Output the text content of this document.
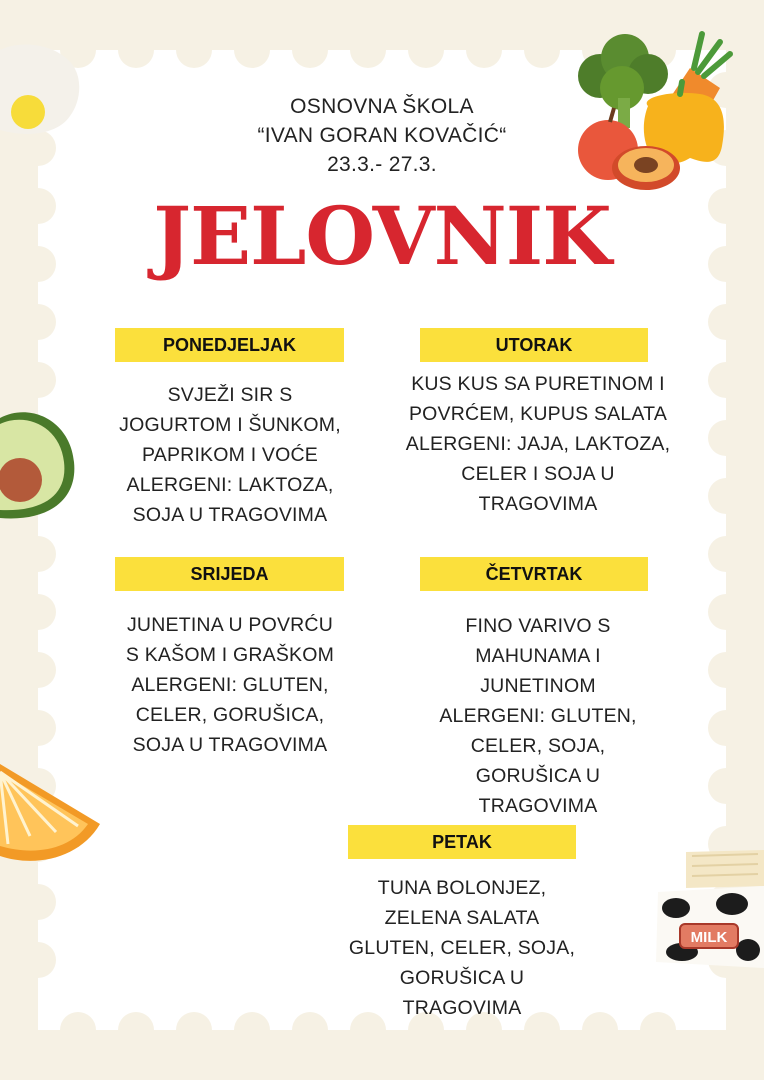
MILK
OSNOVNA ŠKOLA
“IVAN GORAN KOVAČIĆ“
23.3.- 27.3.
JELOVNIK
PONEDJELJAK
SVJEŽI SIR S
JOGURTOM I ŠUNKOM,
PAPRIKOM I VOĆE
ALERGENI: LAKTOZA,
SOJA U TRAGOVIMA
UTORAK
KUS KUS SA PURETINOM I
POVRĆEM, KUPUS SALATA
ALERGENI: JAJA, LAKTOZA,
CELER I SOJA U
TRAGOVIMA
SRIJEDA
JUNETINA U POVRĆU
S KAŠOM I GRAŠKOM
ALERGENI: GLUTEN,
CELER, GORUŠICA,
SOJA U TRAGOVIMA
ČETVRTAK
FINO VARIVO S
MAHUNAMA I
JUNETINOM
ALERGENI: GLUTEN,
CELER, SOJA,
GORUŠICA U
TRAGOVIMA
PETAK
TUNA BOLONJEZ,
ZELENA SALATA
GLUTEN, CELER, SOJA,
GORUŠICA U
TRAGOVIMA
